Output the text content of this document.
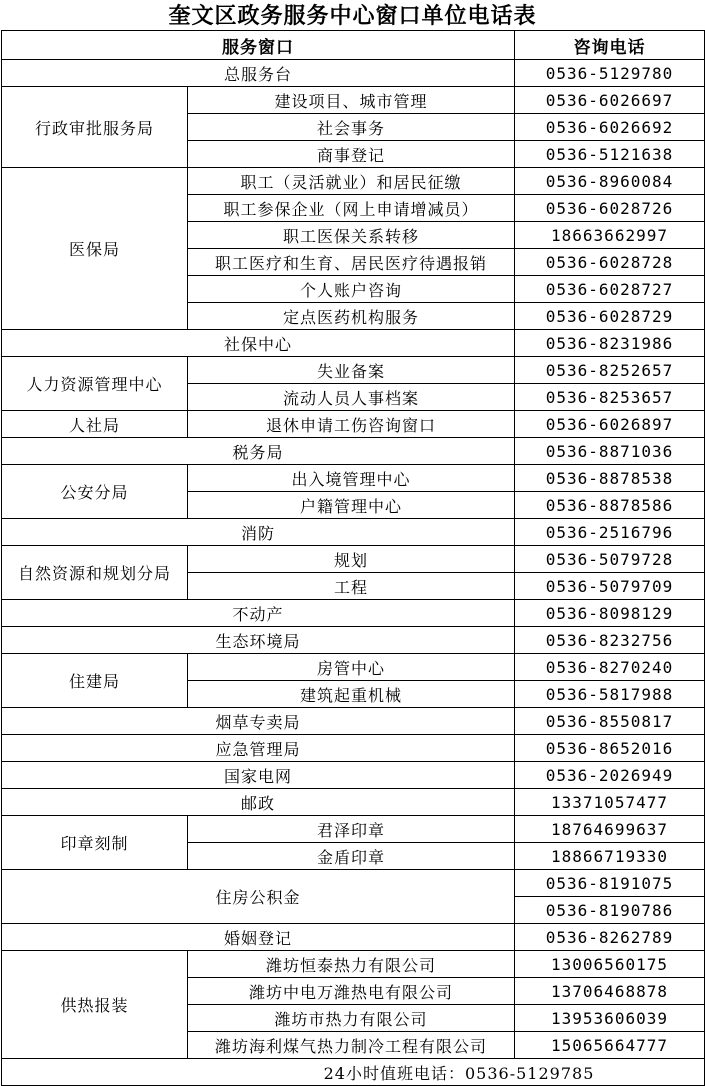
奎文区政务服务中心窗口单位电话表
服务窗口		咨询电话
总服务台		0536-5129780
行政审批服务局	建设项目、城市管理	0536-6026697
	社会事务	0536-6026692
	商事登记	0536-5121638
医保局	职工（灵活就业）和居民征缴	0536-8960084
	职工参保企业（网上申请增减员）	0536-6028726
	职工医保关系转移	18663662997
	职工医疗和生育、居民医疗待遇报销	0536-6028728
	个人账户咨询	0536-6028727
	定点医药机构服务	0536-6028729
社保中心		0536-8231986
人力资源管理中心	失业备案	0536-8252657
	流动人员人事档案	0536-8253657
人社局	退休申请工伤咨询窗口	0536-6026897
税务局		0536-8871036
公安分局	出入境管理中心	0536-8878538
	户籍管理中心	0536-8878586
消防		0536-2516796
自然资源和规划分局	规划	0536-5079728
	工程	0536-5079709
不动产		0536-8098129
生态环境局		0536-8232756
住建局	房管中心	0536-8270240
	建筑起重机械	0536-5817988
烟草专卖局		0536-8550817
应急管理局		0536-8652016
国家电网		0536-2026949
邮政		13371057477
印章刻制	君泽印章	18764699637
	金盾印章	18866719330
住房公积金		0536-8191075
		0536-8190786
婚姻登记		0536-8262789
供热报装	潍坊恒泰热力有限公司	13006560175
	潍坊中电万潍热电有限公司	13706468878
	潍坊市热力有限公司	13953606039
	潍坊海利煤气热力制冷工程有限公司	15065664777
24小时值班电话：0536-5129785		
